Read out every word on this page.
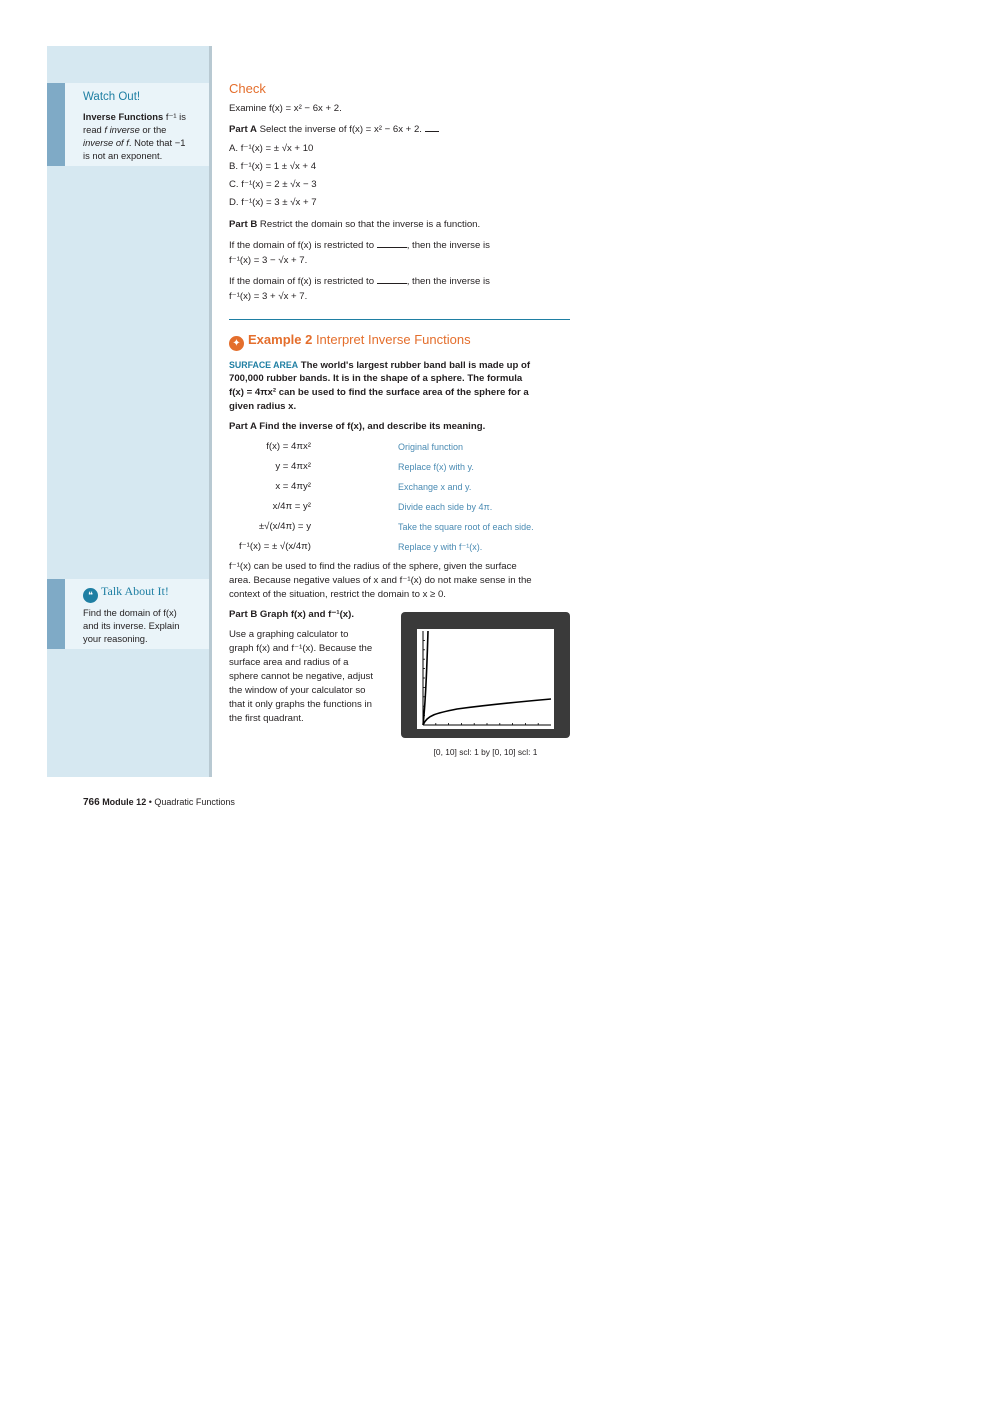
Watch Out!
Inverse Functions f⁻¹ is
read f inverse or the
inverse of f. Note that −1
is not an exponent.
❝ Talk About It!
Find the domain of f(x)
and its inverse. Explain
your reasoning.
Check
Examine f(x) = x² − 6x + 2.
Part A Select the inverse of f(x) = x² − 6x + 2.
A. f⁻¹(x) = ± √x + 10
B. f⁻¹(x) = 1 ± √x + 4
C. f⁻¹(x) = 2 ± √x − 3
D. f⁻¹(x) = 3 ± √x + 7
Part B Restrict the domain so that the inverse is a function.
If the domain of f(x) is restricted to	, then the inverse is
f⁻¹(x) = 3 − √x + 7.
If the domain of f(x) is restricted to	, then the inverse is
f⁻¹(x) = 3 + √x + 7.
✦ Example 2 Interpret Inverse Functions
SURFACE AREA The world's largest rubber band ball is made up of
700,000 rubber bands. It is in the shape of a sphere. The formula
f(x) = 4πx² can be used to find the surface area of the sphere for a
given radius x.
Part A Find the inverse of f(x), and describe its meaning.
f(x) = 4πx²	Original function
y = 4πx²	Replace f(x) with y.
x = 4πy²	Exchange x and y.
x/4π = y²	Divide each side by 4π.
±√(x/4π) = y	Take the square root of each side.
f⁻¹(x) = ± √(x/4π)	Replace y with f⁻¹(x).
f⁻¹(x) can be used to find the radius of the sphere, given the surface
area. Because negative values of x and f⁻¹(x) do not make sense in the
context of the situation, restrict the domain to x ≥ 0.
Part B Graph f(x) and f⁻¹(x).
Use a graphing calculator to
graph f(x) and f⁻¹(x). Because the
surface area and radius of a
sphere cannot be negative, adjust
the window of your calculator so
that it only graphs the functions in
the first quadrant.
[0, 10] scl: 1 by [0, 10] scl: 1
766 Module 12 • Quadratic Functions
